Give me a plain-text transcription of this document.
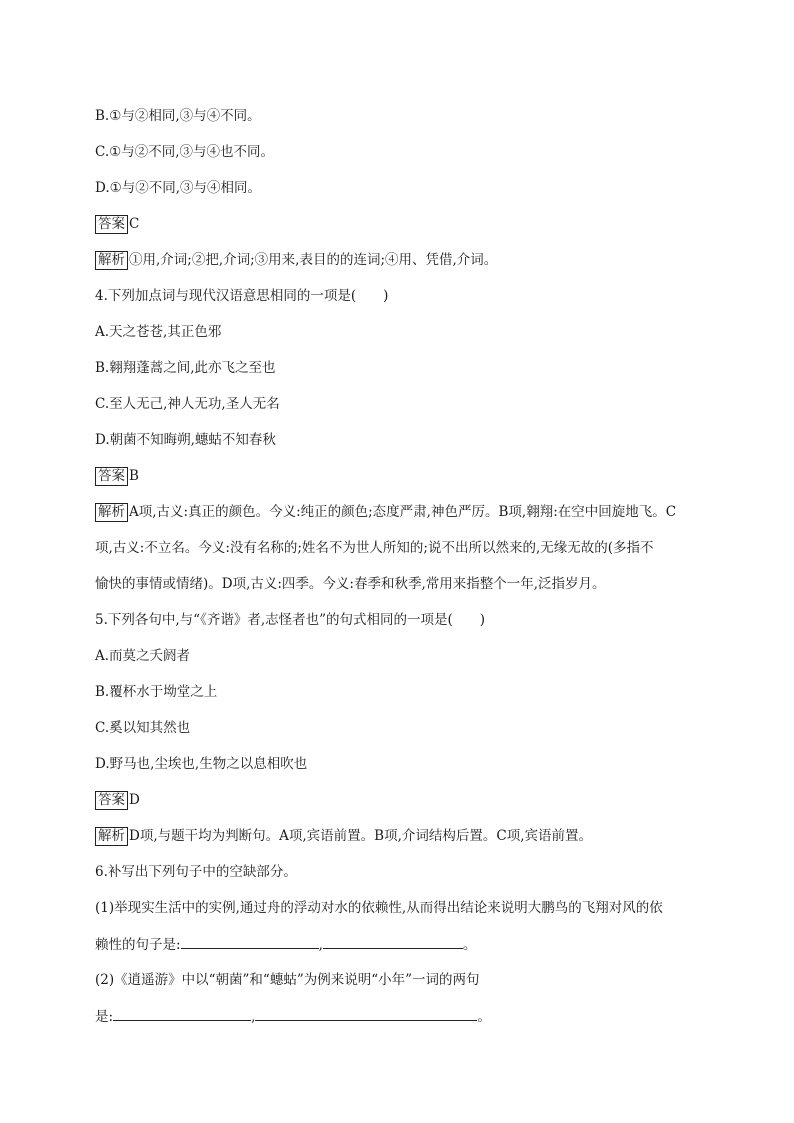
B.①与②相同,③与④不同。
C.①与②不同,③与④也不同。
D.①与②不同,③与④相同。
答案 C
解析 ①用,介词;②把,介词;③用来,表目的的连词;④用、凭借,介词。
4.下列加点词与现代汉语意思相同的一项是(　　)
A.天之苍苍,其正色邪
B.翱翔蓬蒿之间,此亦飞之至也
C.至人无己,神人无功,圣人无名
D.朝菌不知晦朔,蟪蛄不知春秋
答案 B
解析 A项,古义:真正的颜色。今义:纯正的颜色;态度严肃,神色严厉。B项,翱翔:在空中回旋地飞。C
项,古义:不立名。今义:没有名称的;姓名不为世人所知的;说不出所以然来的,无缘无故的(多指不
愉快的事情或情绪)。D项,古义:四季。今义:春季和秋季,常用来指整个一年,泛指岁月。
5.下列各句中,与“《齐谐》者,志怪者也”的句式相同的一项是(　　)
A.而莫之夭阏者
B.覆杯水于坳堂之上
C.奚以知其然也
D.野马也,尘埃也,生物之以息相吹也
答案 D
解析 D项,与题干均为判断句。A项,宾语前置。B项,介词结构后置。C项,宾语前置。
6.补写出下列句子中的空缺部分。
(1)举现实生活中的实例,通过舟的浮动对水的依赖性,从而得出结论来说明大鹏鸟的飞翔对风的依
赖性的句子是:	,	。
(2)《逍遥游》中以“朝菌”和“蟪蛄”为例来说明“小年”一词的两句
是:	,	。
